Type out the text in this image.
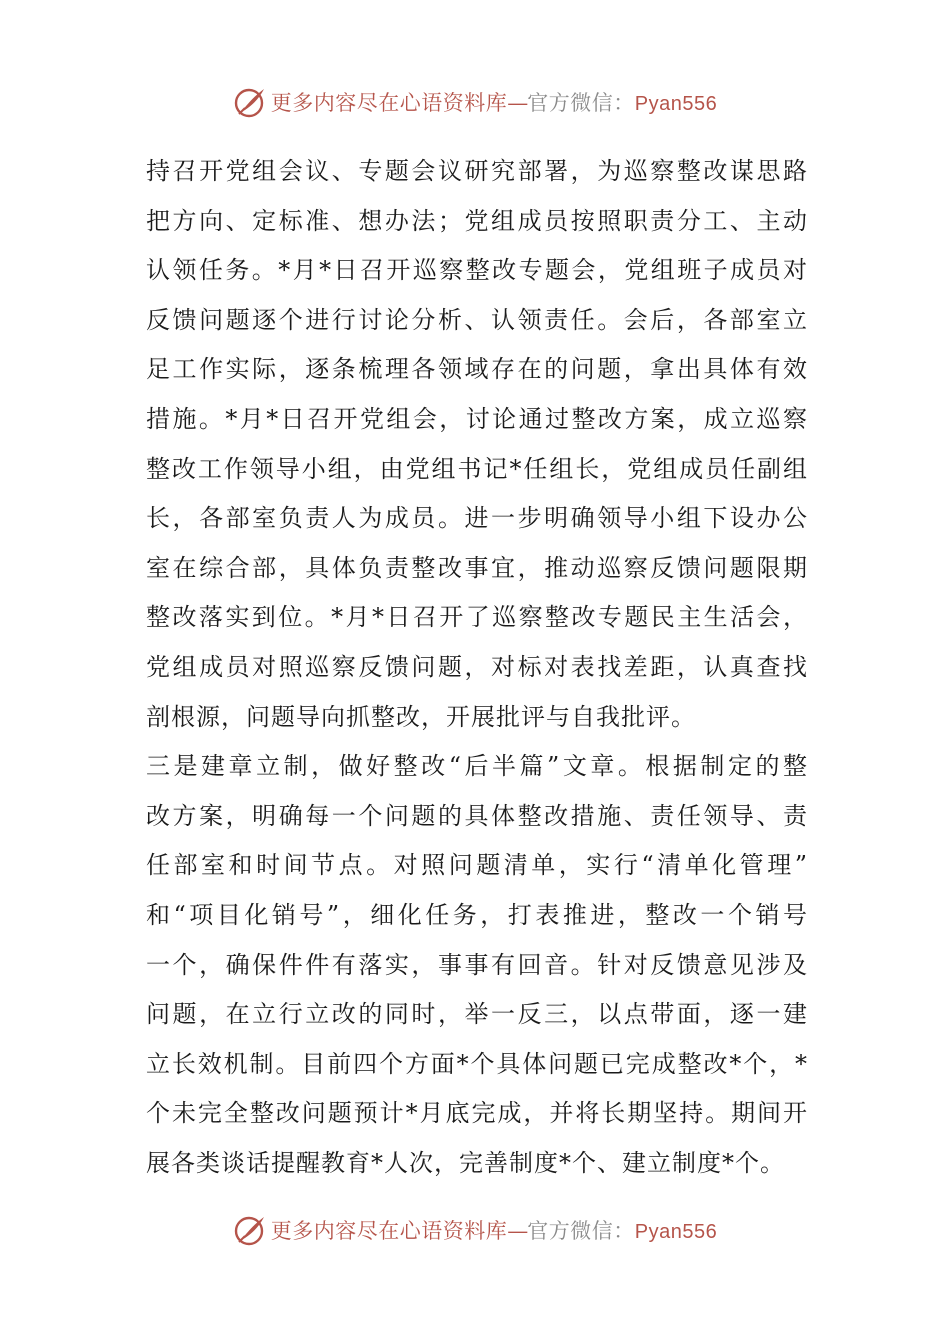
更多内容尽在心语资料库—官方微信：Pyan556
持召开党组会议、专题会议研究部署，为巡察整改谋思路
把方向、定标准、想办法；党组成员按照职责分工、主动
认领任务。*月*日召开巡察整改专题会，党组班子成员对
反馈问题逐个进行讨论分析、认领责任。会后，各部室立
足工作实际，逐条梳理各领域存在的问题，拿出具体有效
措施。*月*日召开党组会，讨论通过整改方案，成立巡察
整改工作领导小组，由党组书记*任组长，党组成员任副组
长，各部室负责人为成员。进一步明确领导小组下设办公
室在综合部，具体负责整改事宜，推动巡察反馈问题限期
整改落实到位。*月*日召开了巡察整改专题民主生活会，
党组成员对照巡察反馈问题，对标对表找差距，认真查找
剖根源，问题导向抓整改，开展批评与自我批评。
三是建章立制，做好整改“后半篇”文章。根据制定的整
改方案，明确每一个问题的具体整改措施、责任领导、责
任部室和时间节点。对照问题清单，实行“清单化管理”
和“项目化销号”，细化任务，打表推进，整改一个销号
一个，确保件件有落实，事事有回音。针对反馈意见涉及
问题，在立行立改的同时，举一反三，以点带面，逐一建
立长效机制。目前四个方面*个具体问题已完成整改*个，*
个未完全整改问题预计*月底完成，并将长期坚持。期间开
展各类谈话提醒教育*人次，完善制度*个、建立制度*个。
更多内容尽在心语资料库—官方微信：Pyan556
